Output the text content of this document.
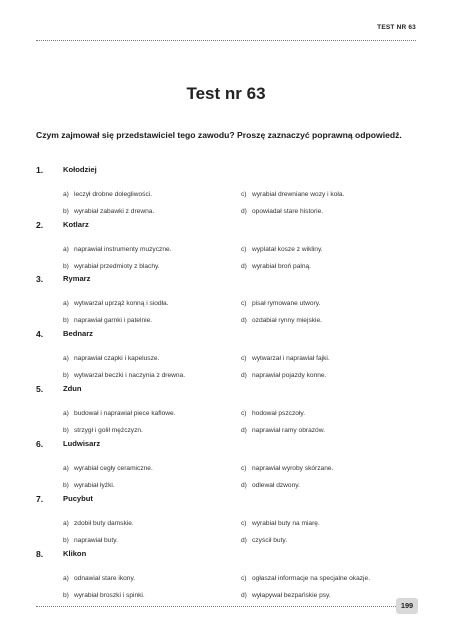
TEST NR 63
Test nr 63
Czym zajmował się przedstawiciel tego zawodu? Proszę zaznaczyć poprawną odpowiedź.
1.	Kołodziej
a) leczył drobne dolegliwości.
b) wyrabiał zabawki z drewna.
c) wyrabiał drewniane wozy i koła.
d) opowiadał stare historie.
2.	Kotlarz
a) naprawiał instrumenty muzyczne.
b) wyrabiał przedmioty z blachy.
c) wyplatał kosze z wikliny.
d) wyrabiał broń palną.
3.	Rymarz
a) wytwarzał uprząż konną i siodła.
b) naprawiał garnki i patelnie.
c) pisał rymowane utwory.
d) ozdabiał rynny miejskie.
4.	Bednarz
a) naprawiał czapki i kapelusze.
b) wytwarzał beczki i naczynia z drewna.
c) wytwarzał i naprawiał fajki.
d) naprawiał pojazdy konne.
5.	Zdun
a) budował i naprawiał piece kaflowe.
b) strzygł i golił mężczyzn.
c) hodował pszczoły.
d) naprawiał ramy obrazów.
6.	Ludwisarz
a) wyrabiał cegły ceramiczne.
b) wyrabiał łyżki.
c) naprawiał wyroby skórzane.
d) odlewał dzwony.
7.	Pucybut
a) zdobił buty damskie.
b) naprawiał buty.
c) wyrabiał buty na miarę.
d) czyścił buty.
8.	Klikon
a) odnawiał stare ikony.
b) wyrabiał broszki i spinki.
c) ogłaszał informacje na specjalne okazje.
d) wyłapywał bezpańskie psy.
199
